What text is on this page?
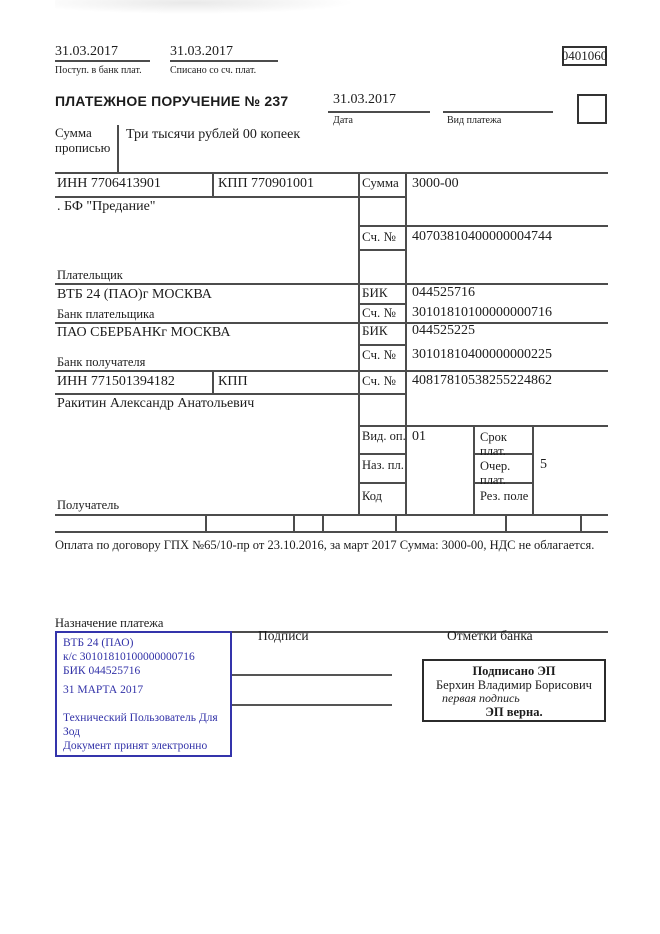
31.03.2017
Поступ. в банк плат.
31.03.2017
Списано со сч. плат.
0401060
ПЛАТЕЖНОЕ ПОРУЧЕНИЕ № 237	31.03.2017
Дата	Вид платежа
Сумма прописью
Три тысячи рублей 00 копеек
ИНН 7706413901	КПП 770901001	Сумма 3000-00
. БФ "Предание"
Сч. № 40703810400000004744
Плательщик
ВТБ 24 (ПАО)г МОСКВА	БИК 044525716
Сч. № 30101810100000000716
Банк плательщика
ПАО СБЕРБАНКг МОСКВА	БИК 044525225
Сч. № 30101810400000000225
Банк получателя
ИНН 771501394182	КПП	Сч. № 40817810538255224862
Ракитин Александр Анатольевич
Получатель
Вид. оп. 01	Срок плат.
Наз. пл.	Очер. плат.
5
Код	Рез. поле
Оплата по договору ГПХ №65/10-пр от 23.10.2016, за март 2017 Сумма: 3000-00, НДС не облагается.
Назначение платежа
ВТБ 24 (ПАО)
к/с 30101810100000000716
БИК 044525716
31 МАРТА 2017
Технический Пользователь Для Зод
Документ принят электронно
Подписи	Отметки банка
Подписано ЭП
Берхин Владимир Борисович
первая подпись
ЭП верна.
